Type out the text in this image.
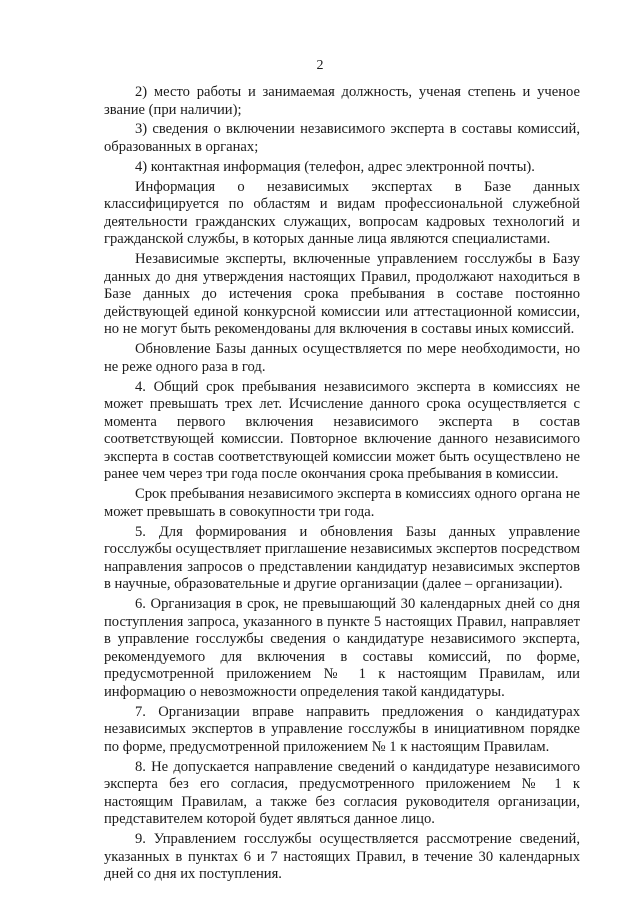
2

2) место работы и занимаемая должность, ученая степень и ученое звание (при наличии);

3) сведения о включении независимого эксперта в составы комиссий, образованных в органах;

4) контактная информация (телефон, адрес электронной почты).

Информация о независимых экспертах в Базе данных классифицируется по областям и видам профессиональной служебной деятельности гражданских служащих, вопросам кадровых технологий и гражданской службы, в которых данные лица являются специалистами.

Независимые эксперты, включенные управлением госслужбы в Базу данных до дня утверждения настоящих Правил, продолжают находиться в Базе данных до истечения срока пребывания в составе постоянно действующей единой конкурсной комиссии или аттестационной комиссии, но не могут быть рекомендованы для включения в составы иных комиссий.

Обновление Базы данных осуществляется по мере необходимости, но не реже одного раза в год.

4. Общий срок пребывания независимого эксперта в комиссиях не может превышать трех лет. Исчисление данного срока осуществляется с момента первого включения независимого эксперта в состав соответствующей комиссии. Повторное включение данного независимого эксперта в состав соответствующей комиссии может быть осуществлено не ранее чем через три года после окончания срока пребывания в комиссии.

Срок пребывания независимого эксперта в комиссиях одного органа не может превышать в совокупности три года.

5. Для формирования и обновления Базы данных управление госслужбы осуществляет приглашение независимых экспертов посредством направления запросов о представлении кандидатур независимых экспертов в научные, образовательные и другие организации (далее – организации).

6. Организация в срок, не превышающий 30 календарных дней со дня поступления запроса, указанного в пункте 5 настоящих Правил, направляет в управление госслужбы сведения о кандидатуре независимого эксперта, рекомендуемого для включения в составы комиссий, по форме, предусмотренной приложением № 1 к настоящим Правилам, или информацию о невозможности определения такой кандидатуры.

7. Организации вправе направить предложения о кандидатурах независимых экспертов в управление госслужбы в инициативном порядке по форме, предусмотренной приложением № 1 к настоящим Правилам.

8. Не допускается направление сведений о кандидатуре независимого эксперта без его согласия, предусмотренного приложением № 1 к настоящим Правилам, а также без согласия руководителя организации, представителем которой будет являться данное лицо.

9. Управлением госслужбы осуществляется рассмотрение сведений, указанных в пунктах 6 и 7 настоящих Правил, в течение 30 календарных дней со дня их поступления.
